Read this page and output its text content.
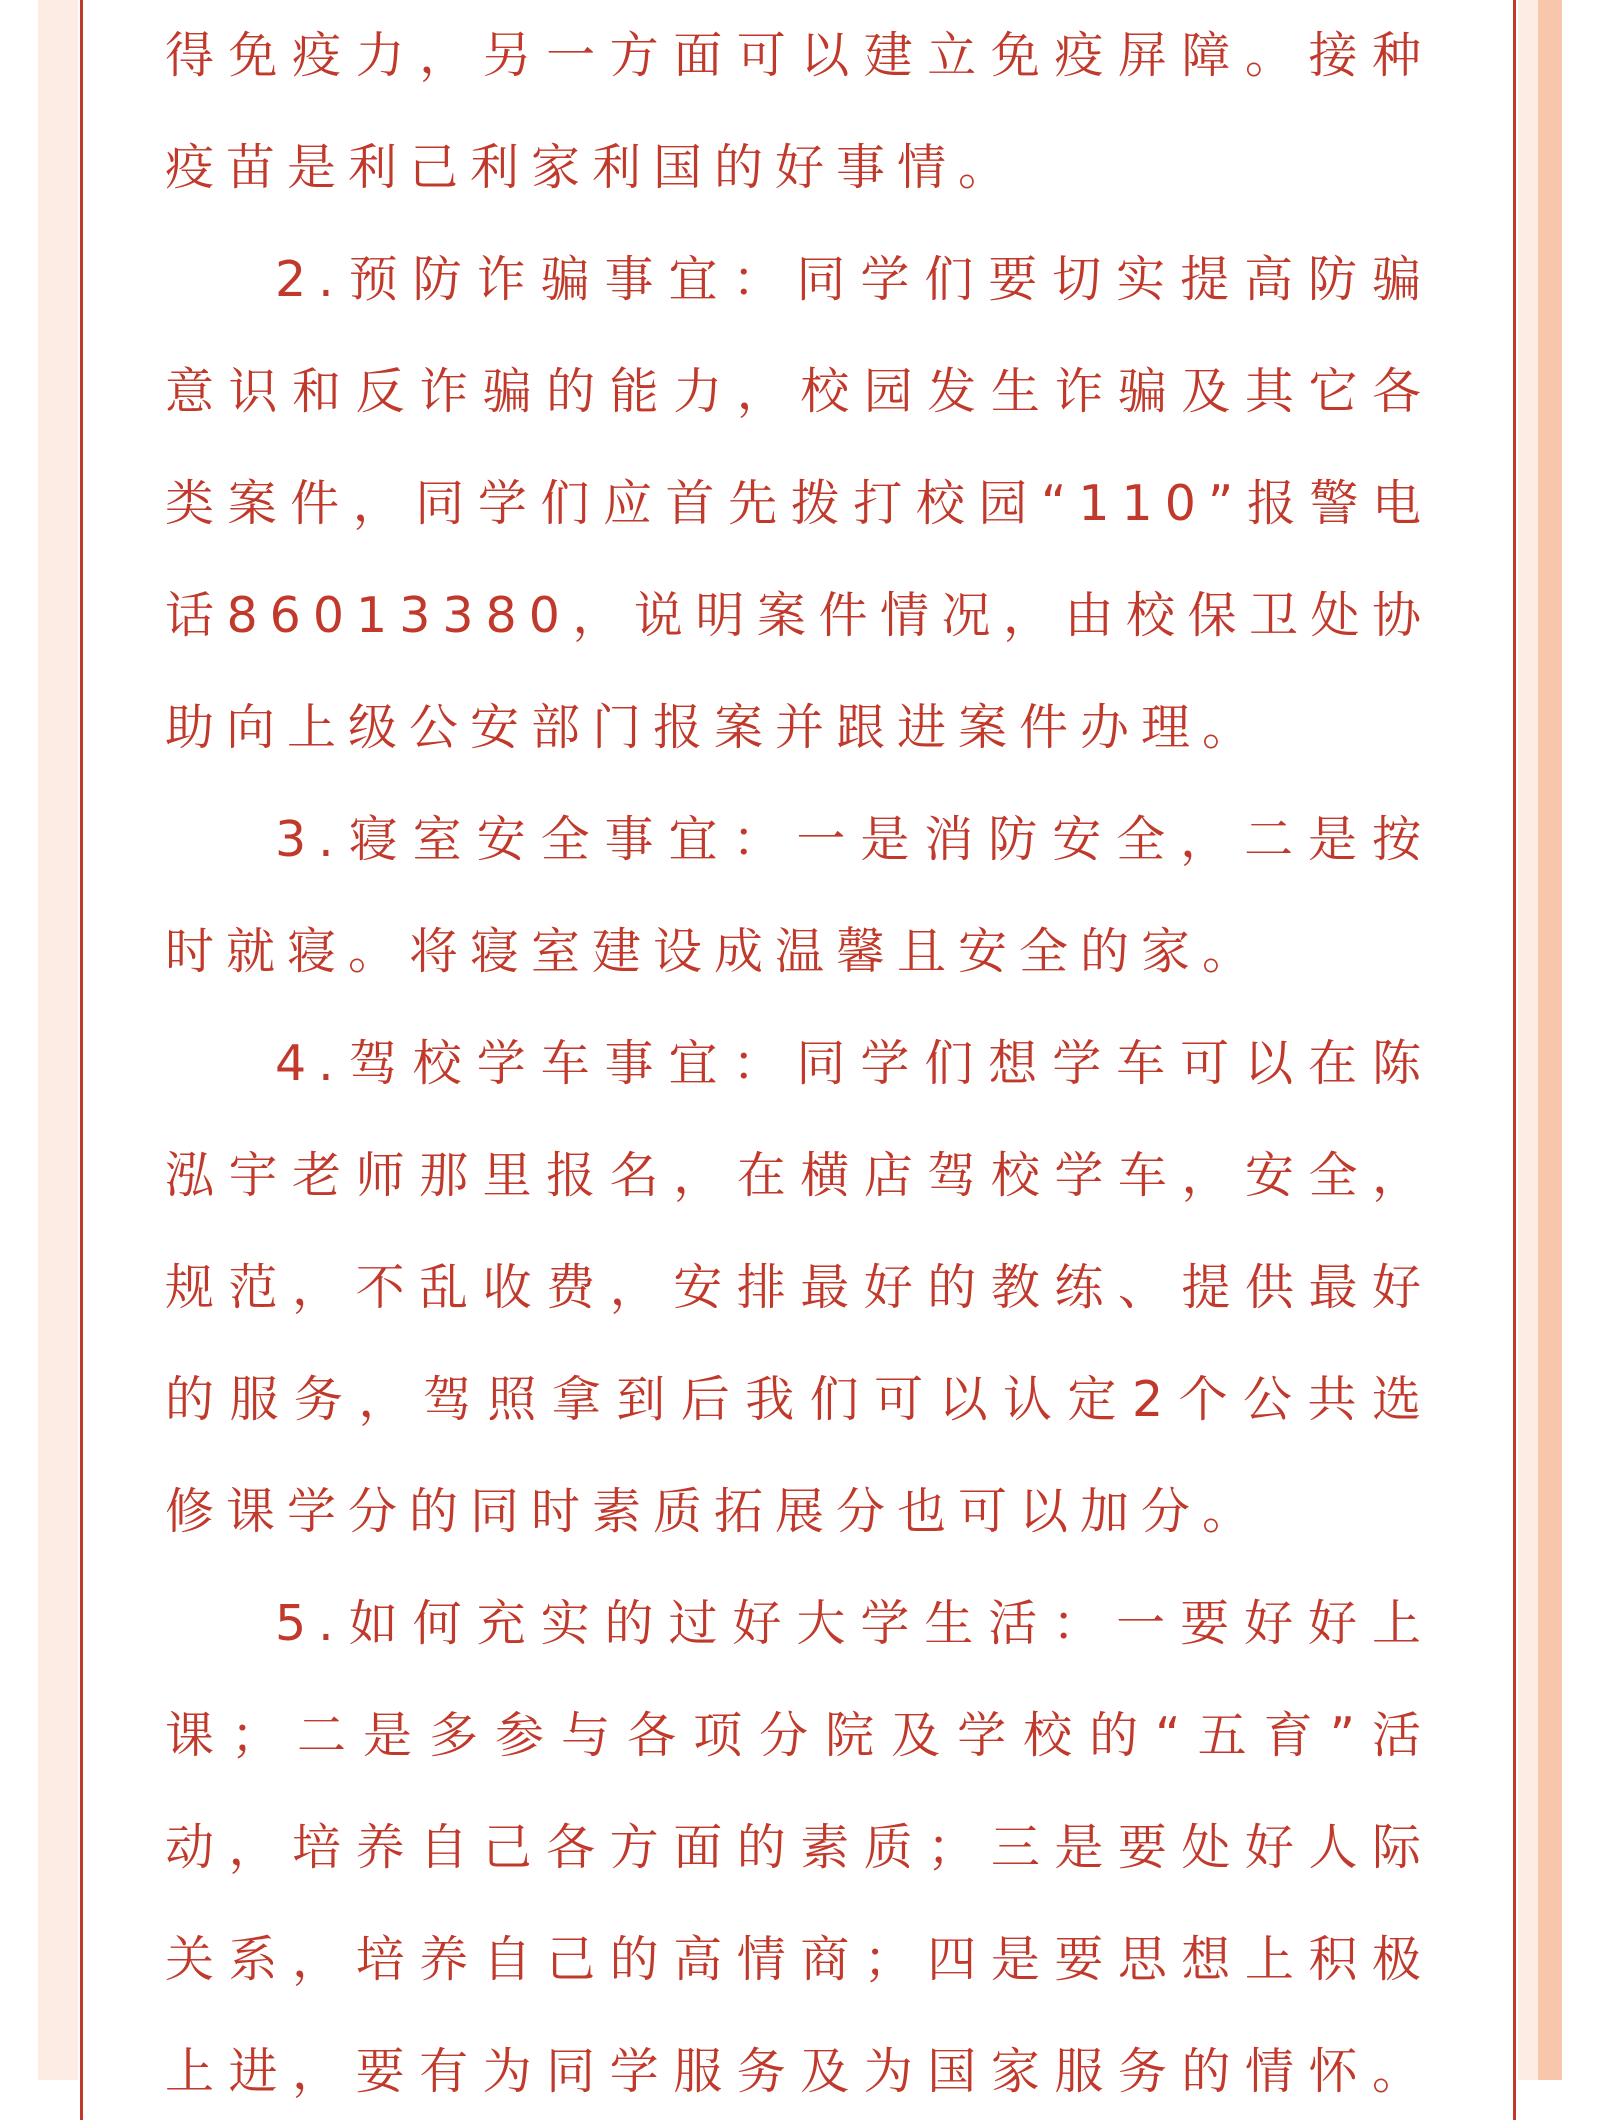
得免疫力，另一方面可以建立免疫屏障。接种
疫苗是利己利家利国的好事情。
2.预防诈骗事宜：同学们要切实提高防骗
意识和反诈骗的能力，校园发生诈骗及其它各
类案件，同学们应首先拨打校园“110”报警电
话86013380，说明案件情况，由校保卫处协
助向上级公安部门报案并跟进案件办理。
3.寝室安全事宜：一是消防安全，二是按
时就寝。将寝室建设成温馨且安全的家。
4.驾校学车事宜：同学们想学车可以在陈
泓宇老师那里报名，在横店驾校学车，安全，
规范，不乱收费，安排最好的教练、提供最好
的服务，驾照拿到后我们可以认定2个公共选
修课学分的同时素质拓展分也可以加分。
5.如何充实的过好大学生活：一要好好上
课；二是多参与各项分院及学校的“五育”活
动，培养自己各方面的素质；三是要处好人际
关系，培养自己的高情商；四是要思想上积极
上进，要有为同学服务及为国家服务的情怀。
